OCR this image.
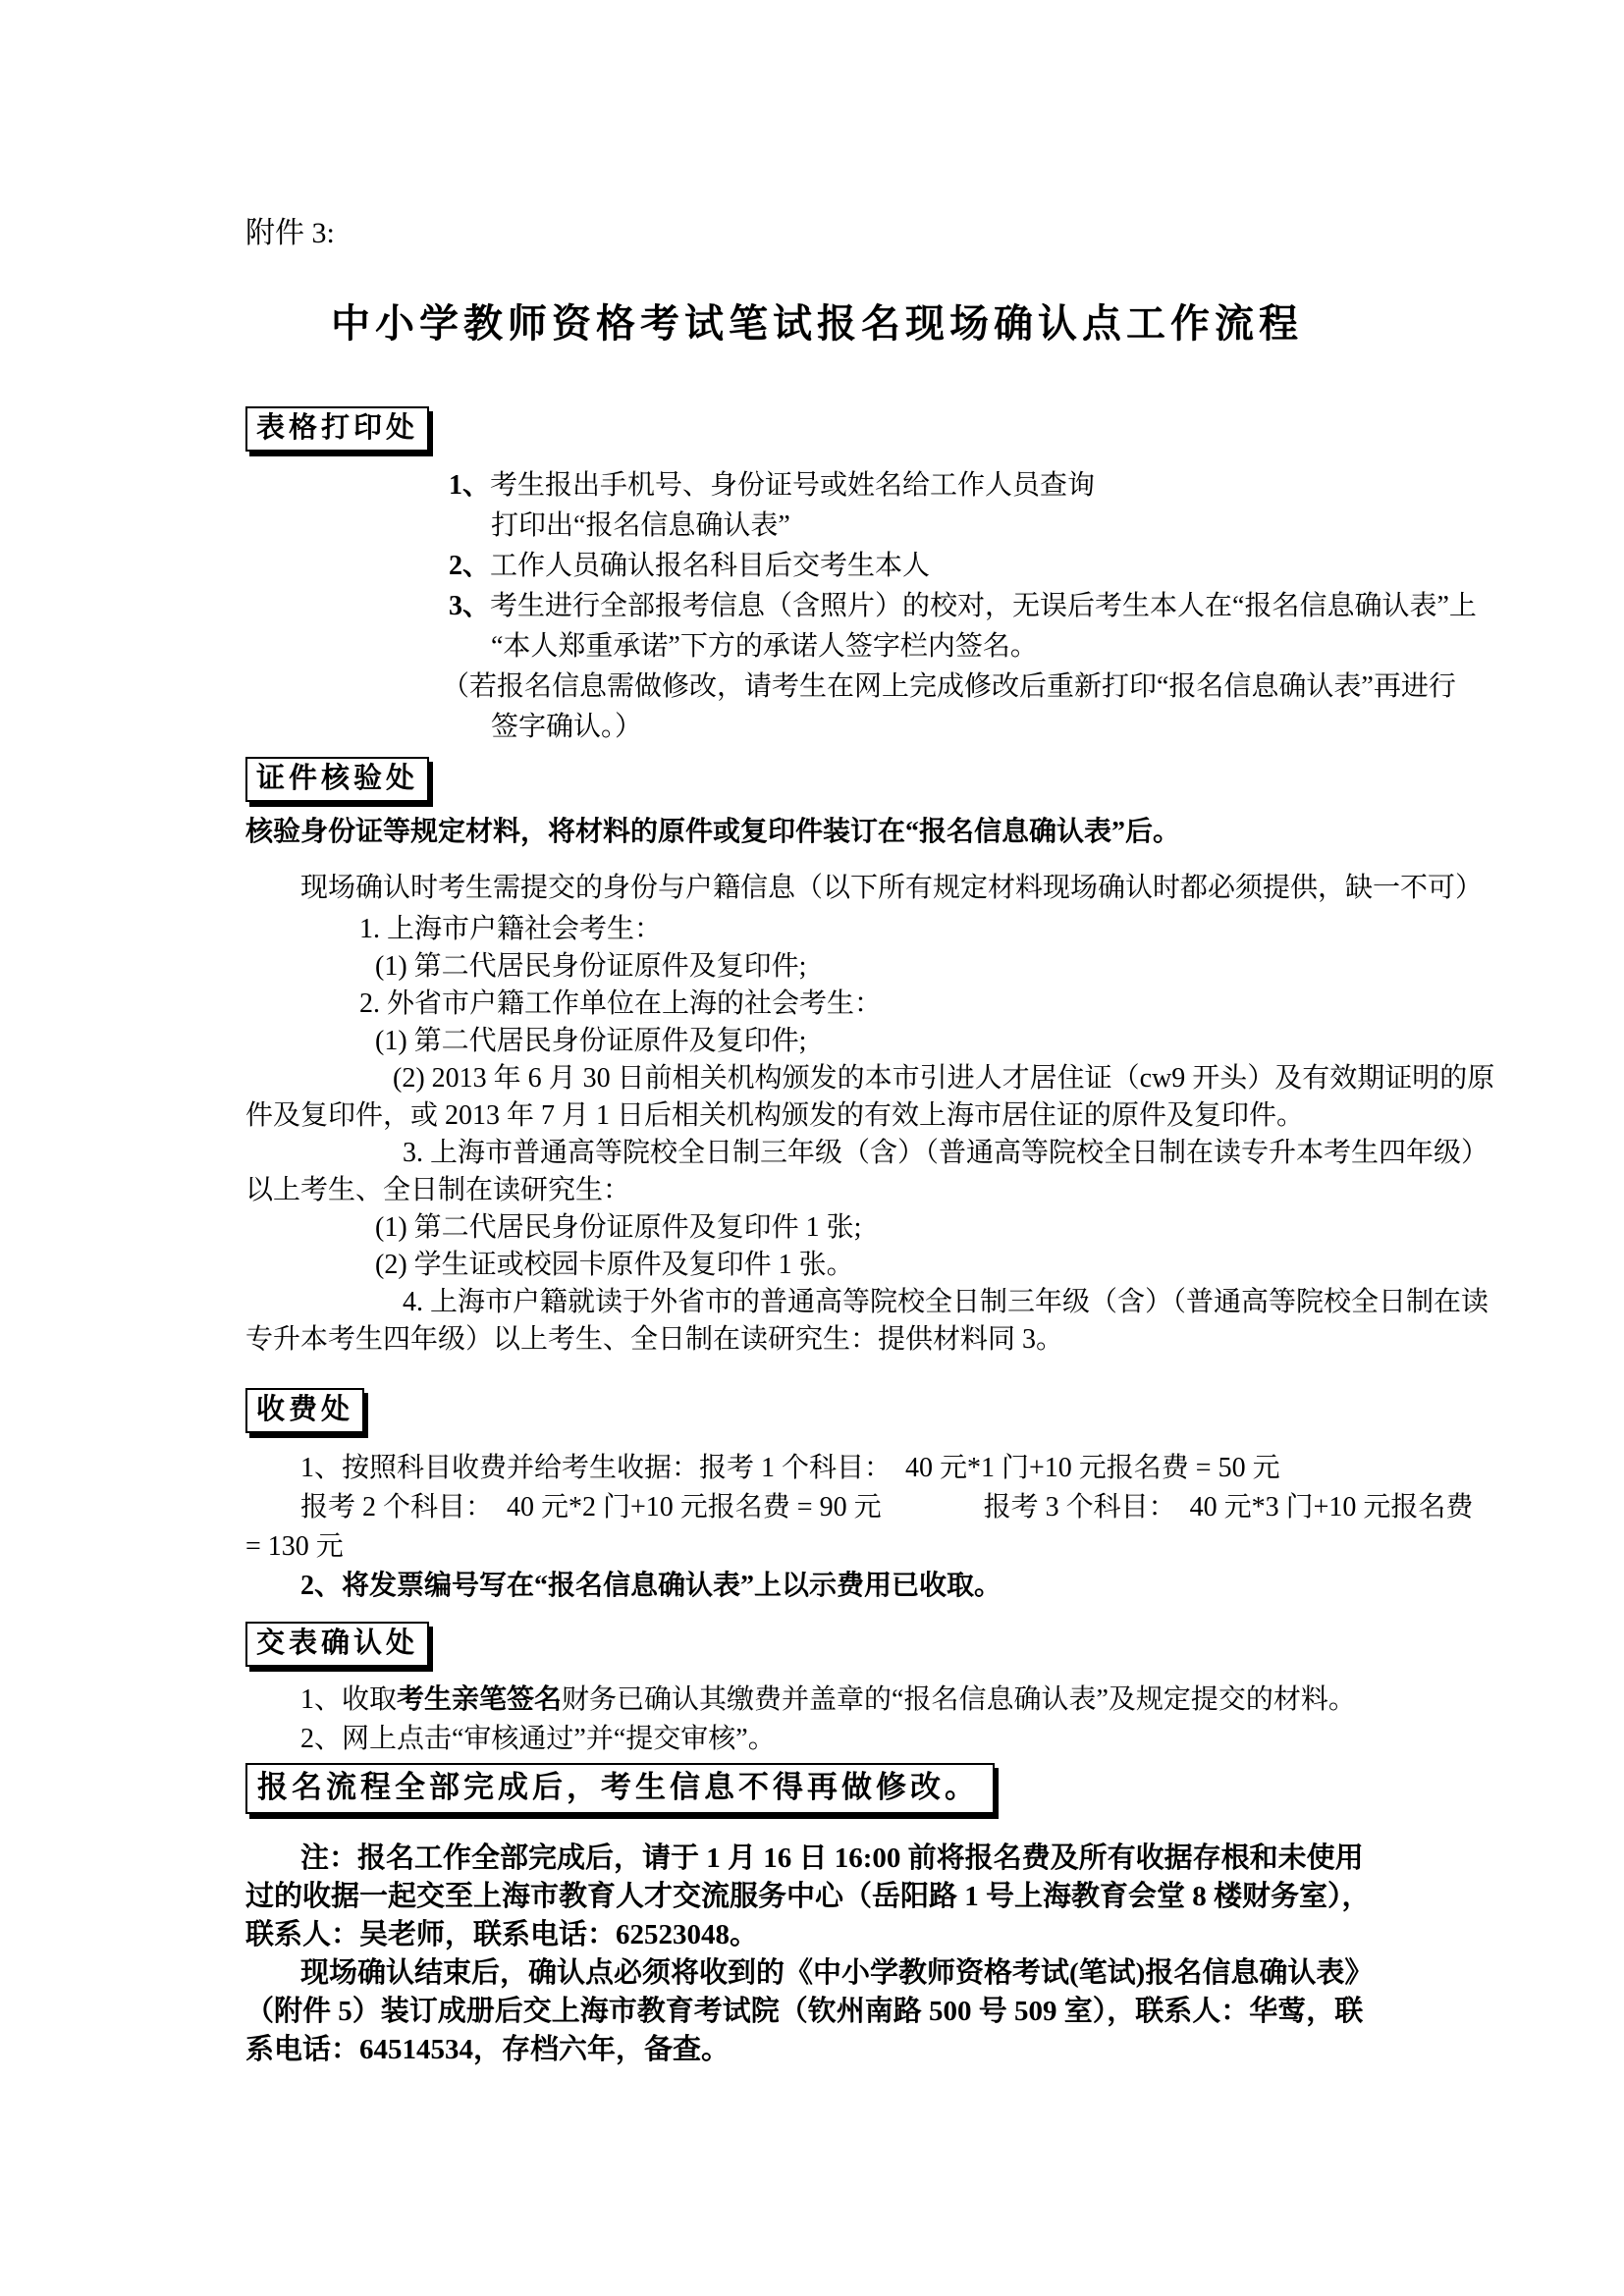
附件 3:
中小学教师资格考试笔试报名现场确认点工作流程
表格打印处
1、考生报出手机号、身份证号或姓名给工作人员查询
打印出“报名信息确认表”
2、工作人员确认报名科目后交考生本人
3、考生进行全部报考信息（含照片）的校对，无误后考生本人在“报名信息确认表”上
“本人郑重承诺”下方的承诺人签字栏内签名。
（若报名信息需做修改，请考生在网上完成修改后重新打印“报名信息确认表”再进行
签字确认。）
证件核验处
核验身份证等规定材料，将材料的原件或复印件装订在“报名信息确认表”后。
现场确认时考生需提交的身份与户籍信息（以下所有规定材料现场确认时都必须提供，缺一不可）
1. 上海市户籍社会考生：
(1) 第二代居民身份证原件及复印件;
2. 外省市户籍工作单位在上海的社会考生：
(1) 第二代居民身份证原件及复印件;
(2) 2013 年 6 月 30 日前相关机构颁发的本市引进人才居住证（cw9 开头）及有效期证明的原
件及复印件，或 2013 年 7 月 1 日后相关机构颁发的有效上海市居住证的原件及复印件。
3. 上海市普通高等院校全日制三年级（含）（普通高等院校全日制在读专升本考生四年级）
以上考生、全日制在读研究生：
(1) 第二代居民身份证原件及复印件 1 张;
(2) 学生证或校园卡原件及复印件 1 张。
4. 上海市户籍就读于外省市的普通高等院校全日制三年级（含）（普通高等院校全日制在读
专升本考生四年级）以上考生、全日制在读研究生：提供材料同 3。
收费处
1、按照科目收费并给考生收据：报考 1 个科目：　40 元*1 门+10 元报名费 = 50 元
报考 2 个科目：　40 元*2 门+10 元报名费 = 90 元	报考 3 个科目：　40 元*3 门+10 元报名费
= 130 元
2、将发票编号写在“报名信息确认表”上以示费用已收取。
交表确认处
1、收取考生亲笔签名财务已确认其缴费并盖章的“报名信息确认表”及规定提交的材料。
2、网上点击“审核通过”并“提交审核”。
报名流程全部完成后，考生信息不得再做修改。
注：报名工作全部完成后，请于 1 月 16 日 16:00 前将报名费及所有收据存根和未使用
过的收据一起交至上海市教育人才交流服务中心（岳阳路 1 号上海教育会堂 8 楼财务室），
联系人：吴老师，联系电话：62523048。
现场确认结束后，确认点必须将收到的《中小学教师资格考试(笔试)报名信息确认表》
（附件 5）装订成册后交上海市教育考试院（钦州南路 500 号 509 室），联系人：华莺，联
系电话：64514534，存档六年，备查。
